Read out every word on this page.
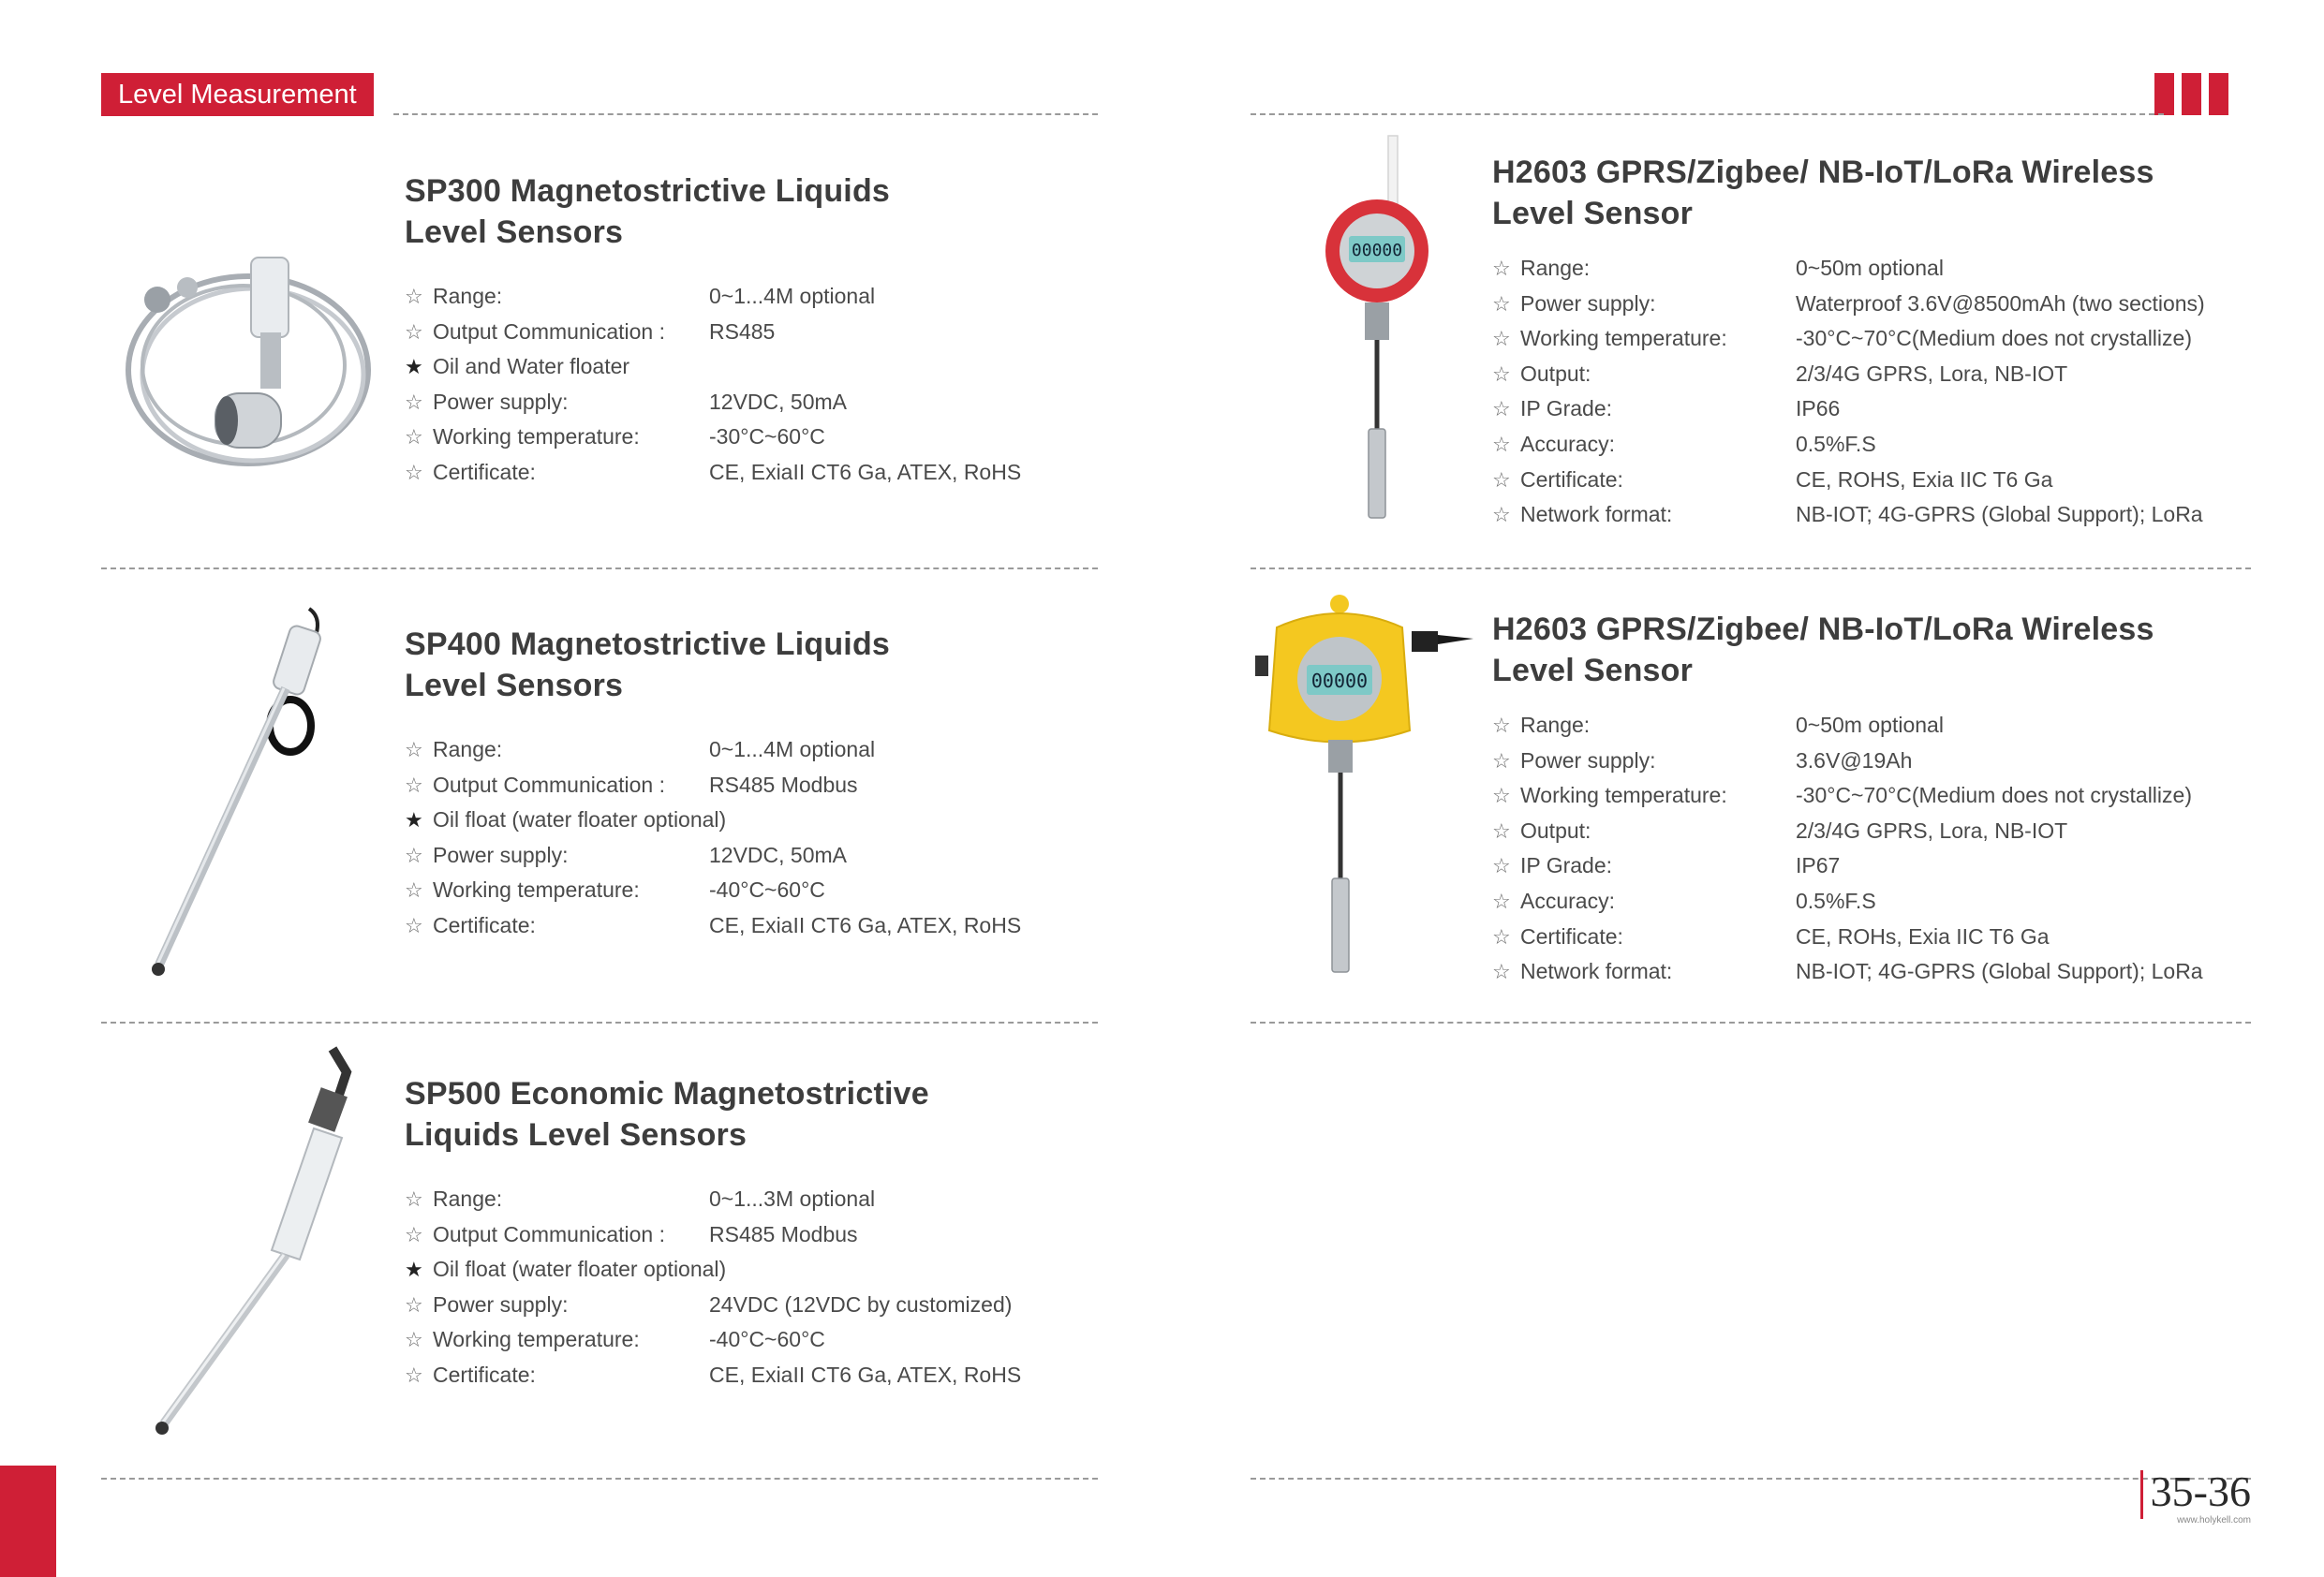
Level Measurement
00000
00000
SP300 Magnetostrictive Liquids
Level Sensors
☆ Range:	0~1...4M optional
☆ Output Communication : RS485
★ Oil and Water floater
☆ Power supply:	12VDC, 50mA
☆ Working temperature:	-30°C~60°C
☆ Certificate:	CE, ExiaII CT6 Ga, ATEX, RoHS
SP400 Magnetostrictive Liquids
Level Sensors
☆ Range:	0~1...4M optional
☆ Output Communication : RS485 Modbus
★ Oil float (water floater optional)
☆ Power supply:	12VDC, 50mA
☆ Working temperature:	-40°C~60°C
☆ Certificate:	CE, ExiaII CT6 Ga, ATEX, RoHS
SP500 Economic Magnetostrictive
Liquids Level Sensors
☆ Range:	0~1...3M optional
☆ Output Communication : RS485 Modbus
★ Oil float (water floater optional)
☆ Power supply:	24VDC (12VDC by customized)
☆ Working temperature:	-40°C~60°C
☆ Certificate:	CE, ExiaII CT6 Ga, ATEX, RoHS
H2603 GPRS/Zigbee/ NB-IoT/LoRa Wireless
Level Sensor
☆ Range:	0~50m optional
☆ Power supply:	Waterproof 3.6V@8500mAh (two sections)
☆ Working temperature:	-30°C~70°C(Medium does not crystallize)
☆ Output:	2/3/4G GPRS, Lora, NB-IOT
☆ IP Grade:	IP66
☆ Accuracy:	0.5%F.S
☆ Certificate:	CE, ROHS, Exia IIC T6 Ga
☆ Network format:	NB-IOT; 4G-GPRS (Global Support); LoRa
H2603 GPRS/Zigbee/ NB-IoT/LoRa Wireless
Level Sensor
☆ Range:	0~50m optional
☆ Power supply:	3.6V@19Ah
☆ Working temperature:	-30°C~70°C(Medium does not crystallize)
☆ Output:	2/3/4G GPRS, Lora, NB-IOT
☆ IP Grade:	IP67
☆ Accuracy:	0.5%F.S
☆ Certificate:	CE, ROHs, Exia IIC T6 Ga
☆ Network format:	NB-IOT; 4G-GPRS (Global Support); LoRa
35-36
www.holykell.com
